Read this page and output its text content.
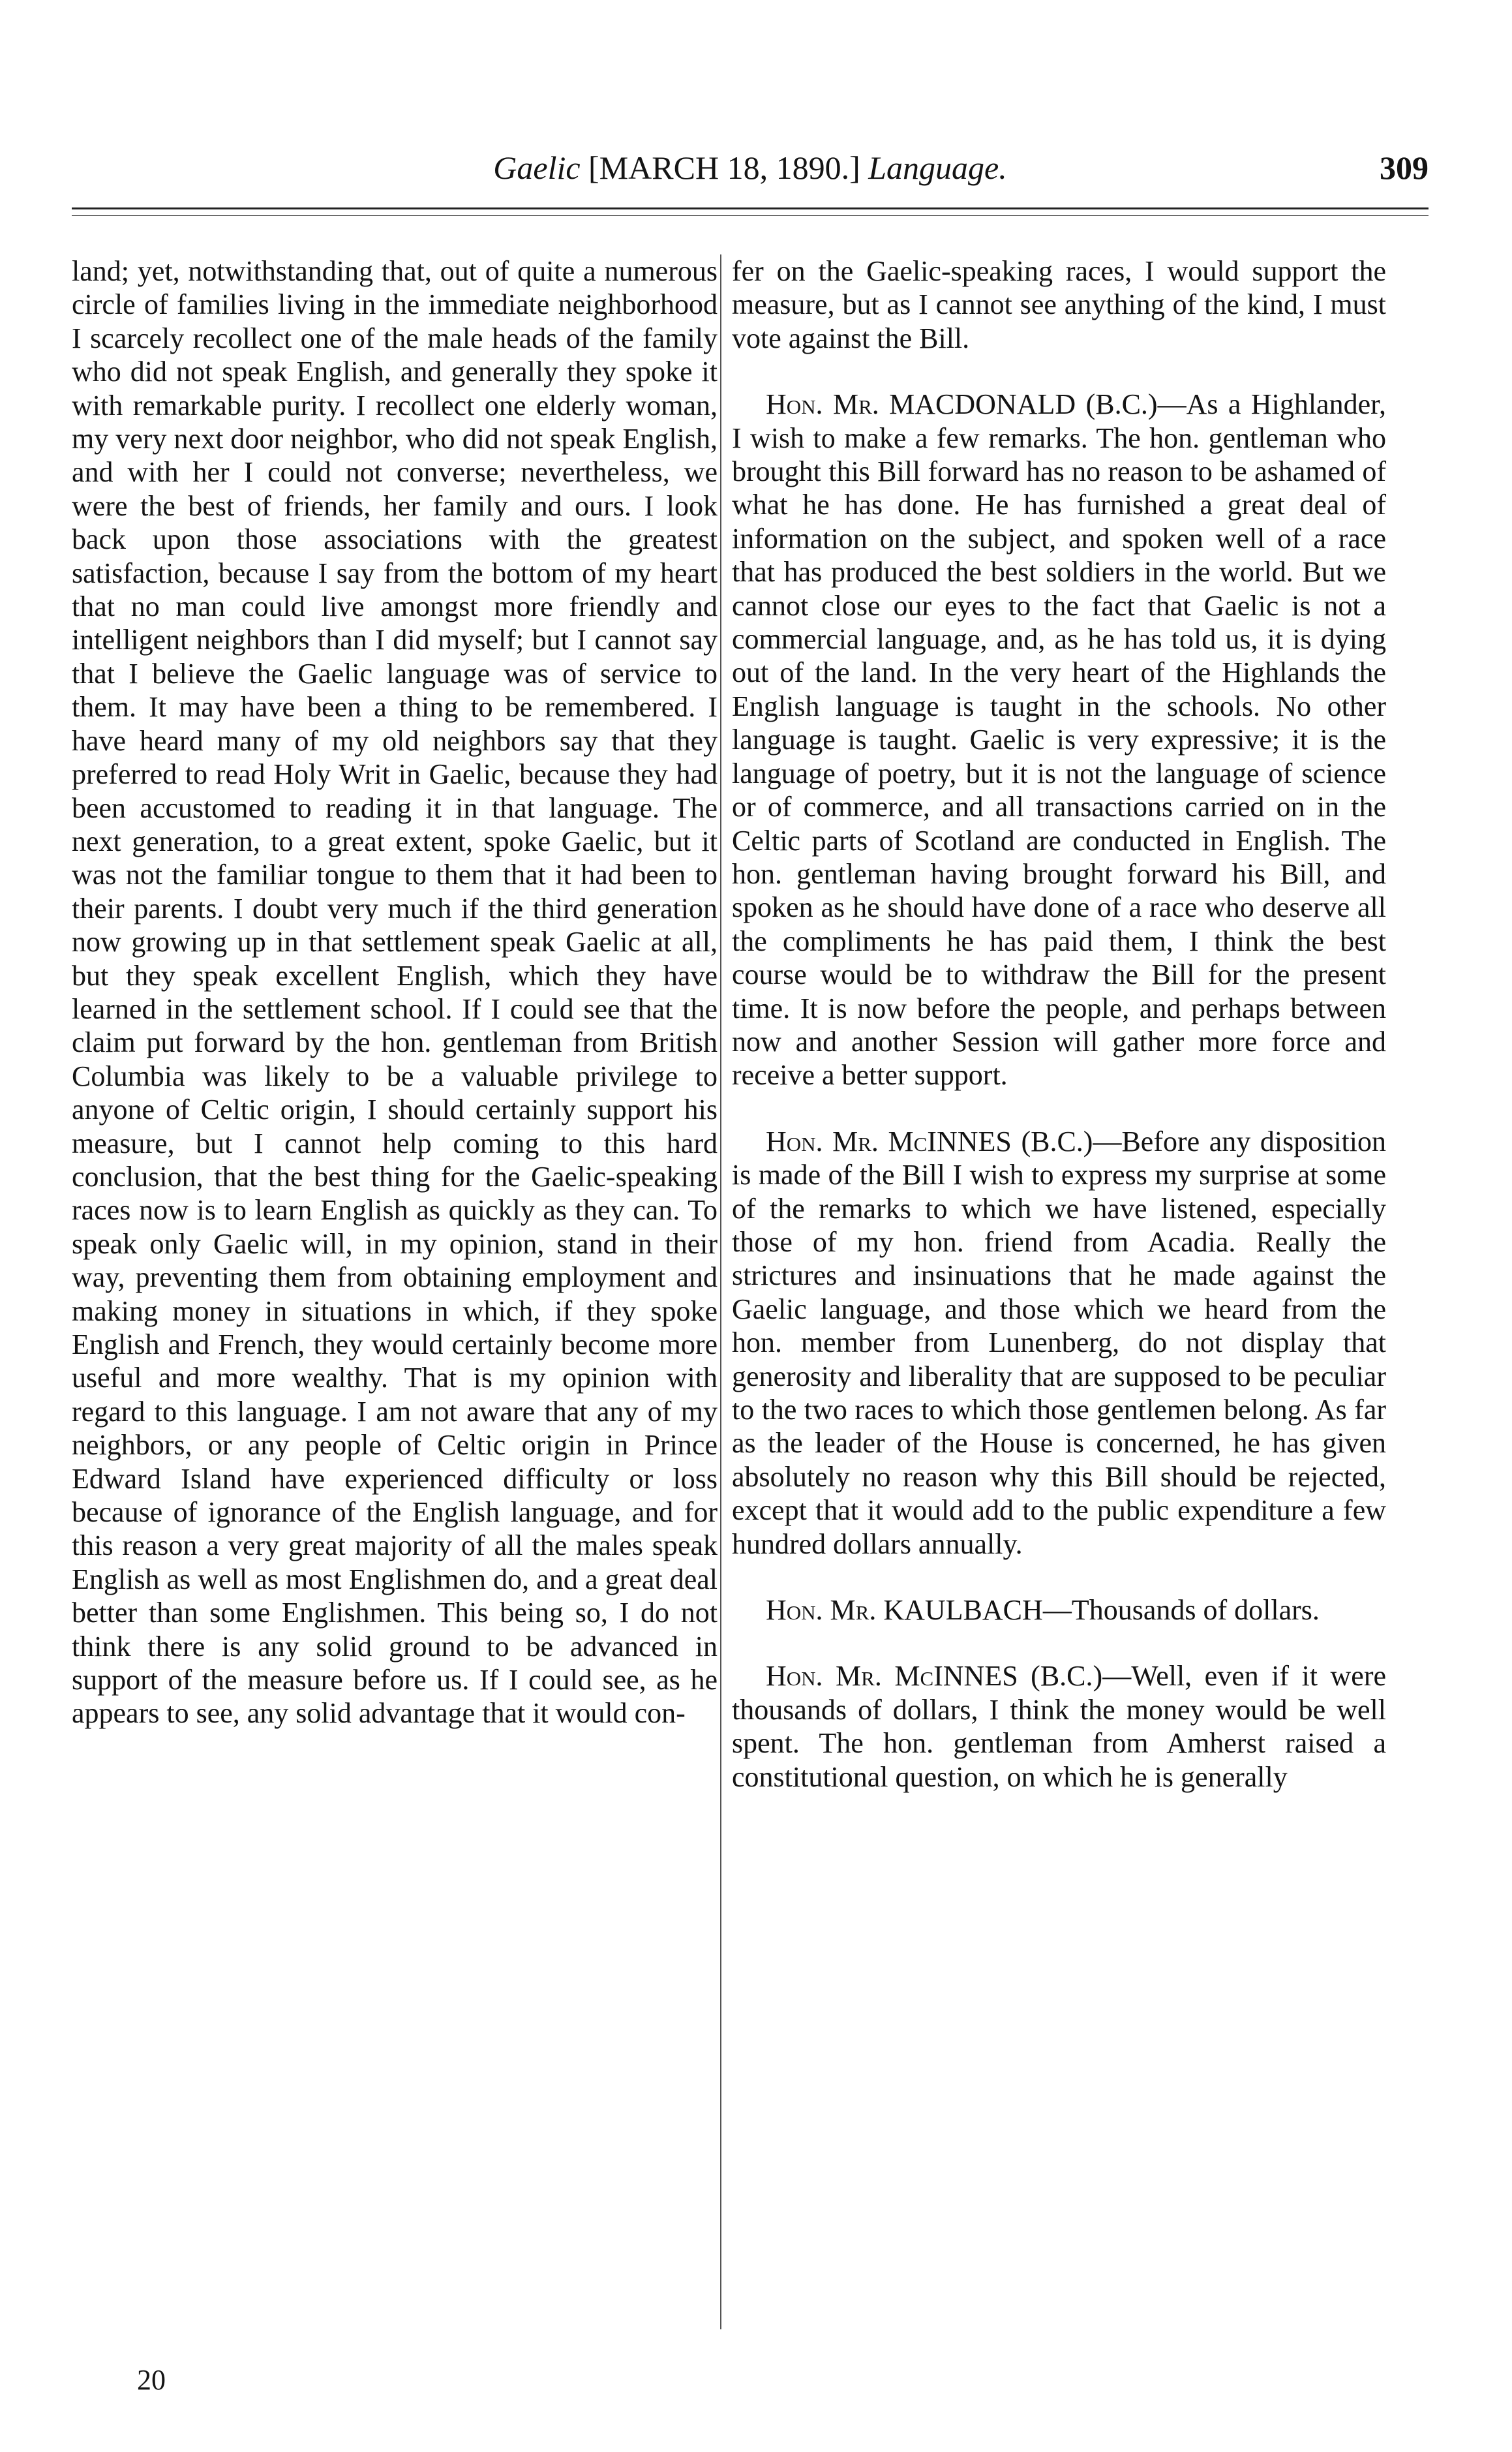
Gaelic [MARCH 18, 1890.] Language.	309

land; yet, notwithstanding that, out of quite a numerous circle of families living in the immediate neighborhood I scarcely recollect one of the male heads of the family who did not speak English, and generally they spoke it with remarkable purity. I recollect one elderly woman, my very next door neighbor, who did not speak English, and with her I could not converse; nevertheless, we were the best of friends, her family and ours. I look back upon those associations with the greatest satisfaction, because I say from the bottom of my heart that no man could live amongst more friendly and intelligent neighbors than I did myself; but I cannot say that I believe the Gaelic language was of service to them. It may have been a thing to be remembered. I have heard many of my old neighbors say that they preferred to read Holy Writ in Gaelic, because they had been accustomed to reading it in that language. The next generation, to a great extent, spoke Gaelic, but it was not the familiar tongue to them that it had been to their parents. I doubt very much if the third generation now growing up in that settlement speak Gaelic at all, but they speak excellent English, which they have learned in the settlement school. If I could see that the claim put forward by the hon. gentleman from British Columbia was likely to be a valuable privilege to anyone of Celtic origin, I should certainly support his measure, but I cannot help coming to this hard conclusion, that the best thing for the Gaelic-speaking races now is to learn English as quickly as they can. To speak only Gaelic will, in my opinion, stand in their way, preventing them from obtaining employment and making money in situations in which, if they spoke English and French, they would certainly become more useful and more wealthy. That is my opinion with regard to this language. I am not aware that any of my neighbors, or any people of Celtic origin in Prince Edward Island have experienced difficulty or loss because of ignorance of the English language, and for this reason a very great majority of all the males speak English as well as most Englishmen do, and a great deal better than some Englishmen. This being so, I do not think there is any solid ground to be advanced in support of the measure before us. If I could see, as he appears to see, any solid advantage that it would con-

fer on the Gaelic-speaking races, I would support the measure, but as I cannot see anything of the kind, I must vote against the Bill.

Hon. Mr. MACDONALD (B.C.)—As a Highlander, I wish to make a few remarks. The hon. gentleman who brought this Bill forward has no reason to be ashamed of what he has done. He has furnished a great deal of information on the subject, and spoken well of a race that has produced the best soldiers in the world. But we cannot close our eyes to the fact that Gaelic is not a commercial language, and, as he has told us, it is dying out of the land. In the very heart of the Highlands the English language is taught in the schools. No other language is taught. Gaelic is very expressive; it is the language of poetry, but it is not the language of science or of commerce, and all transactions carried on in the Celtic parts of Scotland are conducted in English. The hon. gentleman having brought forward his Bill, and spoken as he should have done of a race who deserve all the compliments he has paid them, I think the best course would be to withdraw the Bill for the present time. It is now before the people, and perhaps between now and another Session will gather more force and receive a better support.

Hon. Mr. McINNES (B.C.)—Before any disposition is made of the Bill I wish to express my surprise at some of the remarks to which we have listened, especially those of my hon. friend from Acadia. Really the strictures and insinuations that he made against the Gaelic language, and those which we heard from the hon. member from Lunenberg, do not display that generosity and liberality that are supposed to be peculiar to the two races to which those gentlemen belong. As far as the leader of the House is concerned, he has given absolutely no reason why this Bill should be rejected, except that it would add to the public expenditure a few hundred dollars annually.

Hon. Mr. KAULBACH—Thousands of dollars.

Hon. Mr. McINNES (B.C.)—Well, even if it were thousands of dollars, I think the money would be well spent. The hon. gentleman from Amherst raised a constitutional question, on which he is generally

20
